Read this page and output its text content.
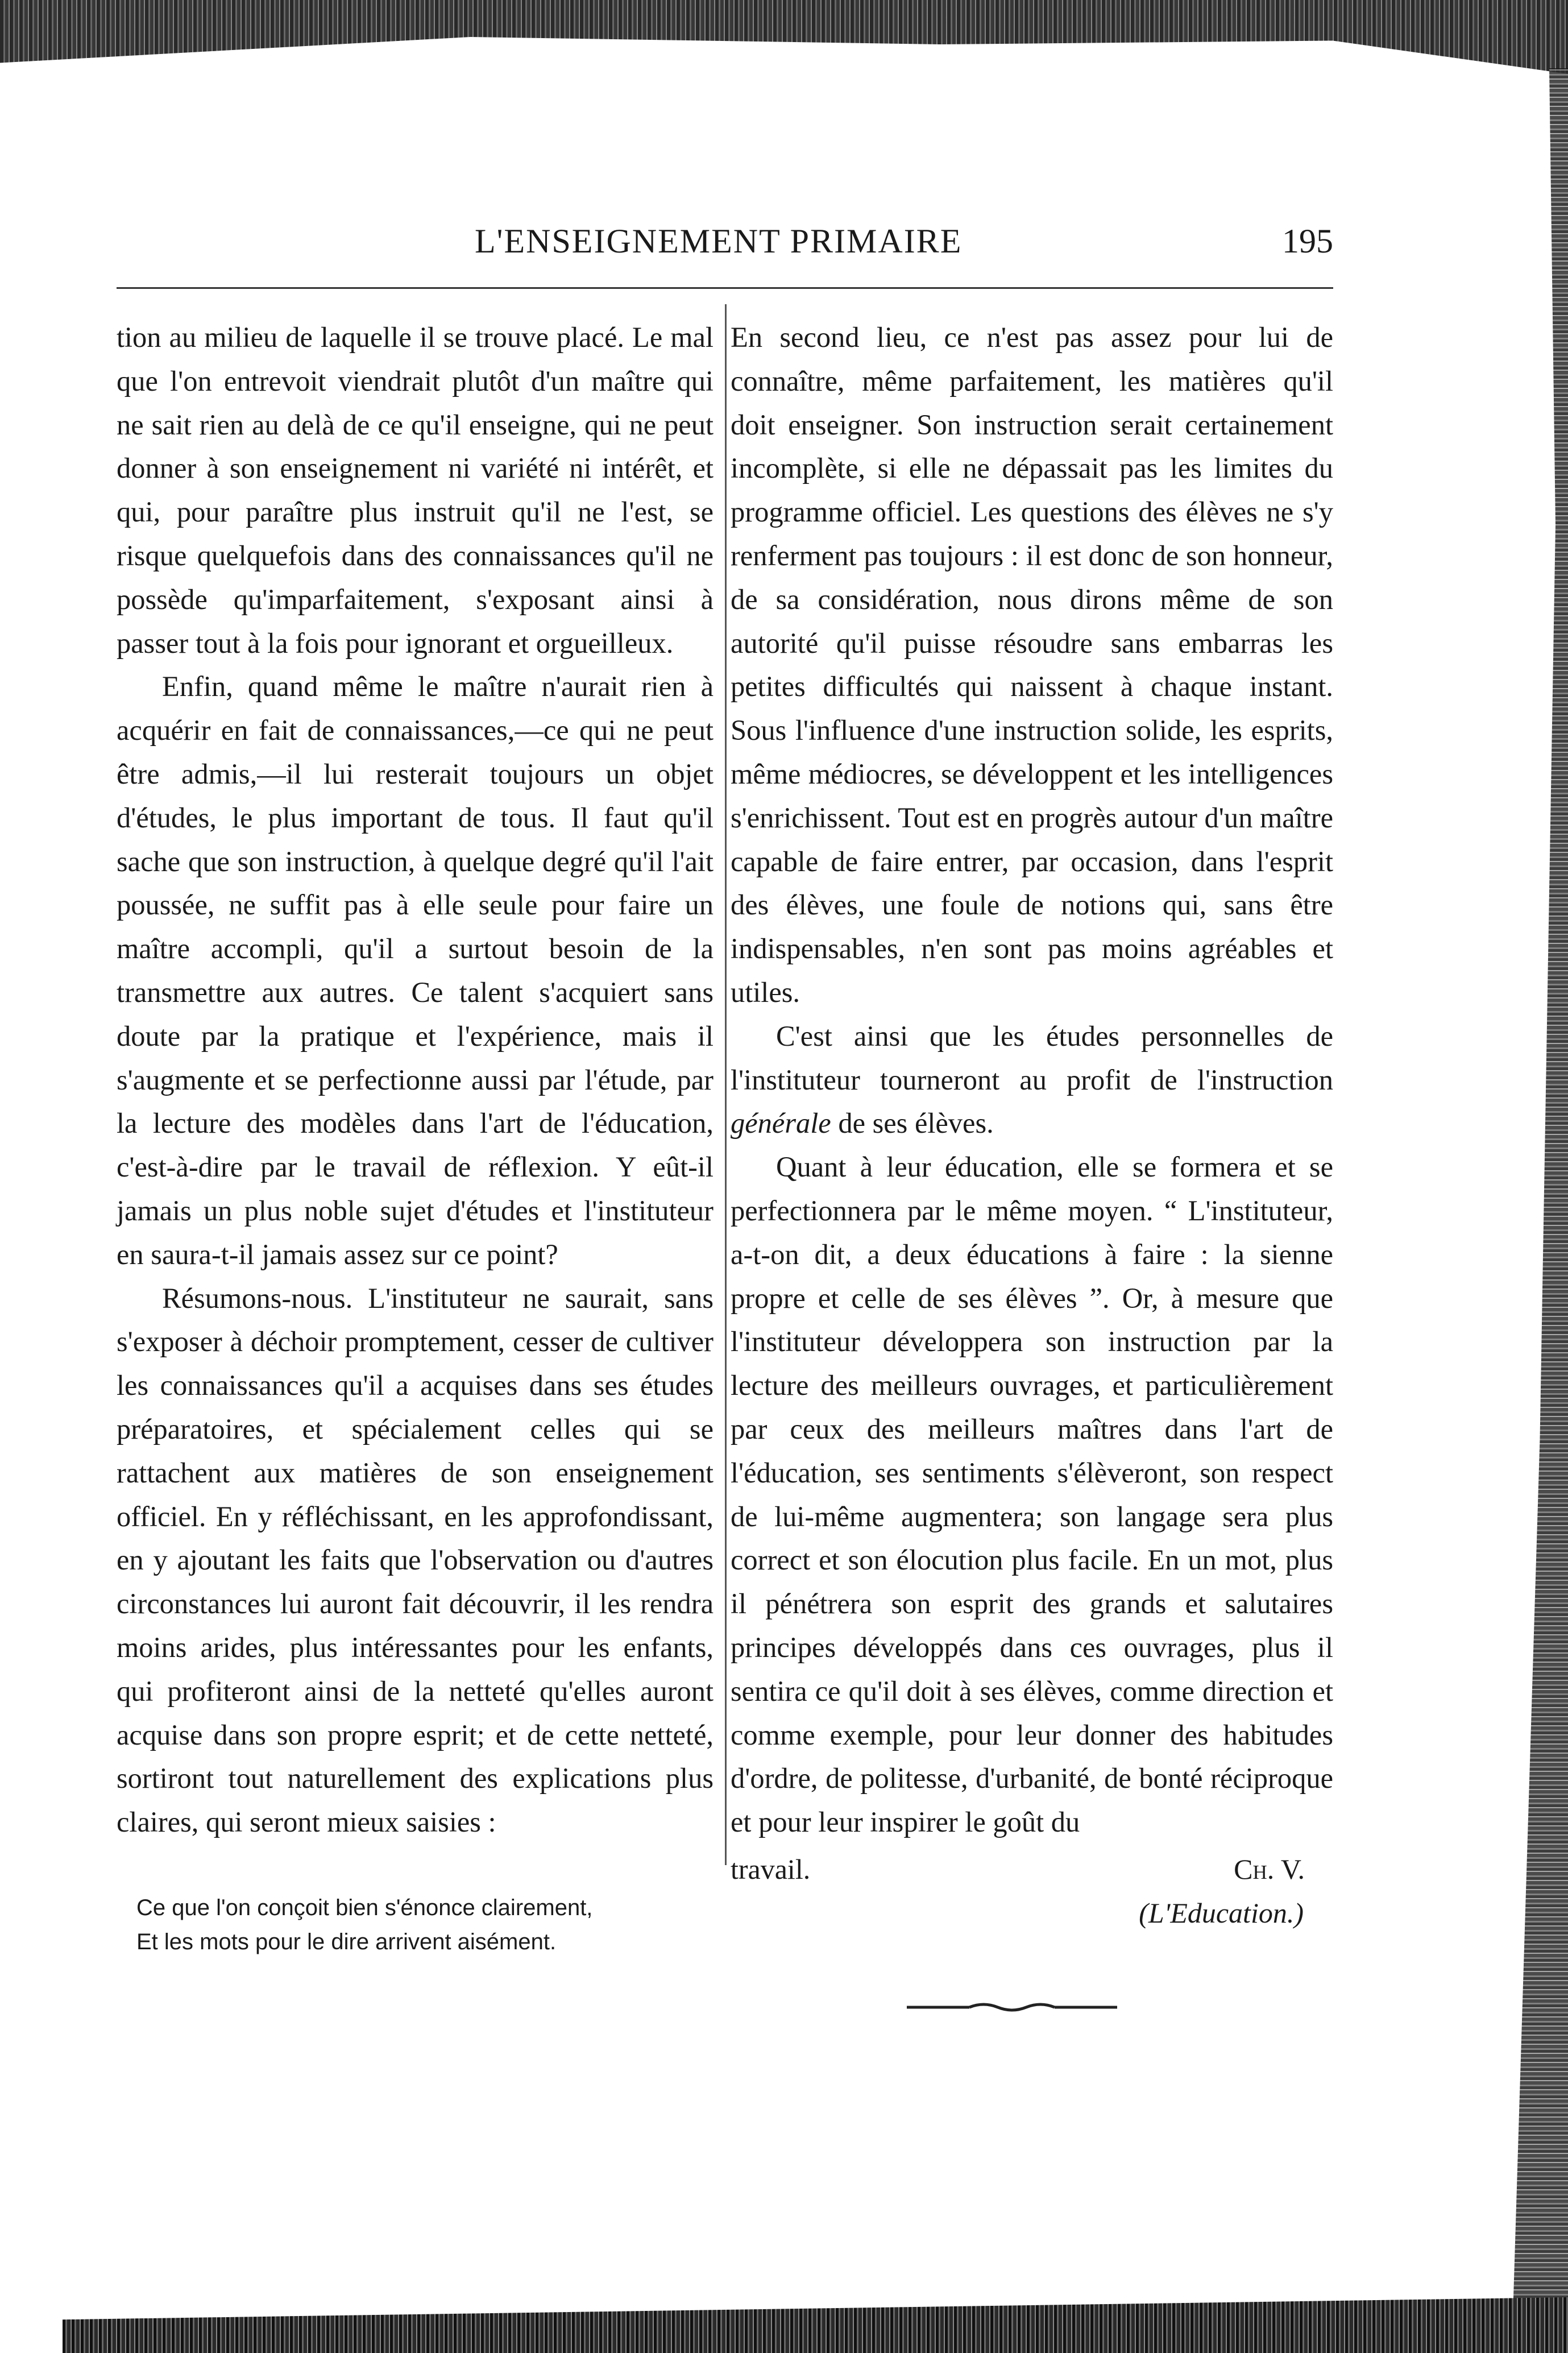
L'ENSEIGNEMENT PRIMAIRE	195

tion au milieu de laquelle il se trouve placé. Le mal que l'on entrevoit viendrait plutôt d'un maître qui ne sait rien au delà de ce qu'il enseigne, qui ne peut donner à son enseignement ni variété ni intérêt, et qui, pour paraître plus instruit qu'il ne l'est, se risque quelquefois dans des connaissances qu'il ne possède qu'imparfaitement, s'exposant ainsi à passer tout à la fois pour ignorant et orgueilleux.

Enfin, quand même le maître n'aurait rien à acquérir en fait de connaissances,—ce qui ne peut être admis,—il lui resterait toujours un objet d'études, le plus important de tous. Il faut qu'il sache que son instruction, à quelque degré qu'il l'ait poussée, ne suffit pas à elle seule pour faire un maître accompli, qu'il a surtout besoin de la transmettre aux autres. Ce talent s'acquiert sans doute par la pratique et l'expérience, mais il s'augmente et se perfectionne aussi par l'étude, par la lecture des modèles dans l'art de l'éducation, c'est-à-dire par le travail de réflexion. Y eût-il jamais un plus noble sujet d'études et l'instituteur en saura-t-il jamais assez sur ce point?

Résumons-nous. L'instituteur ne saurait, sans s'exposer à déchoir promptement, cesser de cultiver les connaissances qu'il a acquises dans ses études préparatoires, et spécialement celles qui se rattachent aux matières de son enseignement officiel. En y réfléchissant, en les approfondissant, en y ajoutant les faits que l'observation ou d'autres circonstances lui auront fait découvrir, il les rendra moins arides, plus intéressantes pour les enfants, qui profiteront ainsi de la netteté qu'elles auront acquise dans son propre esprit; et de cette netteté, sortiront tout naturellement des explications plus claires, qui seront mieux saisies :

Ce que l'on conçoit bien s'énonce clairement,
Et les mots pour le dire arrivent aisément.

En second lieu, ce n'est pas assez pour lui de connaître, même parfaitement, les matières qu'il doit enseigner. Son instruction serait certainement incomplète, si elle ne dépassait pas les limites du programme officiel. Les questions des élèves ne s'y renferment pas toujours : il est donc de son honneur, de sa considération, nous dirons même de son autorité qu'il puisse résoudre sans embarras les petites difficultés qui naissent à chaque instant. Sous l'influence d'une instruction solide, les esprits, même médiocres, se développent et les intelligences s'enrichissent. Tout est en progrès autour d'un maître capable de faire entrer, par occasion, dans l'esprit des élèves, une foule de notions qui, sans être indispensables, n'en sont pas moins agréables et utiles.

C'est ainsi que les études personnelles de l'instituteur tourneront au profit de l'instruction générale de ses élèves.

Quant à leur éducation, elle se formera et se perfectionnera par le même moyen. “ L'instituteur, a-t-on dit, a deux éducations à faire : la sienne propre et celle de ses élèves ”. Or, à mesure que l'instituteur développera son instruction par la lecture des meilleurs ouvrages, et particulièrement par ceux des meilleurs maîtres dans l'art de l'éducation, ses sentiments s'élèveront, son respect de lui-même augmentera; son langage sera plus correct et son élocution plus facile. En un mot, plus il pénétrera son esprit des grands et salutaires principes développés dans ces ouvrages, plus il sentira ce qu'il doit à ses élèves, comme direction et comme exemple, pour leur donner des habitudes d'ordre, de politesse, d'urbanité, de bonté réciproque et pour leur inspirer le goût du

travail.	Ch. V.
(L'Education.)
